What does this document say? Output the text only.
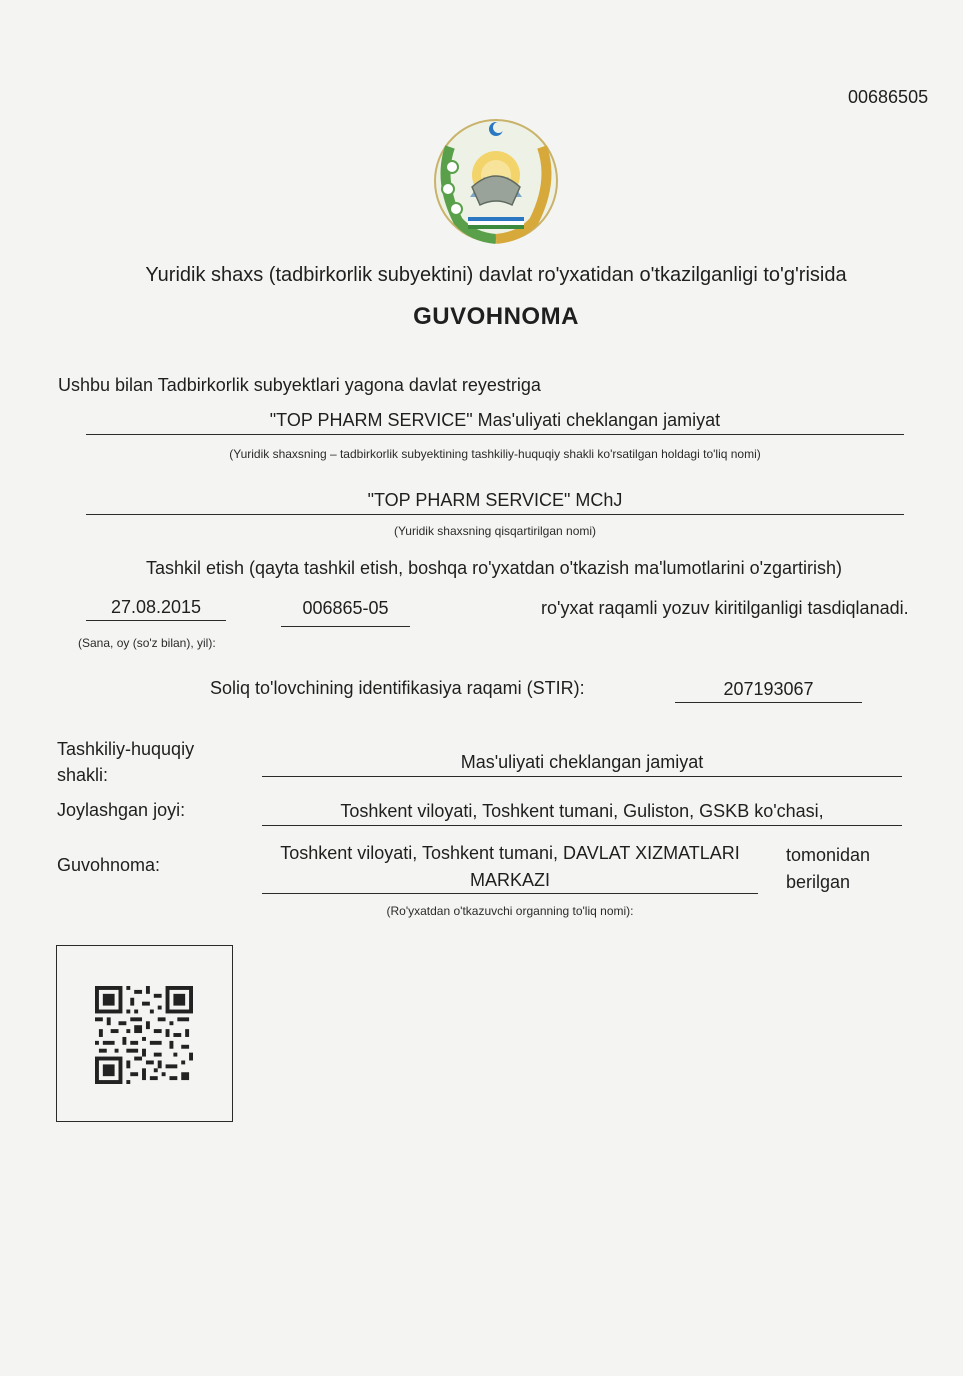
00686505
Yuridik shaxs (tadbirkorlik subyektini) davlat ro'yxatidan o'tkazilganligi to'g'risida
GUVOHNOMA
Ushbu bilan Tadbirkorlik subyektlari yagona davlat reyestriga
"TOP PHARM SERVICE" Mas'uliyati cheklangan jamiyat
(Yuridik shaxsning – tadbirkorlik subyektining tashkiliy-huquqiy shakli ko'rsatilgan holdagi to'liq nomi)
"TOP PHARM SERVICE" MChJ
(Yuridik shaxsning qisqartirilgan nomi)
Tashkil etish (qayta tashkil etish, boshqa ro'yxatdan o'tkazish ma'lumotlarini o'zgartirish)
27.08.2015	006865-05	ro'yxat raqamli yozuv kiritilganligi tasdiqlanadi.
(Sana, oy (so'z bilan), yil):
Soliq to'lovchining identifikasiya raqami (STIR):	207193067
Tashkiliy-huquqiy
shakli:
Mas'uliyati cheklangan jamiyat
Joylashgan joyi:	Toshkent viloyati, Toshkent tumani, Guliston, GSKB ko'chasi,
Guvohnoma:
Toshkent viloyati, Toshkent tumani, DAVLAT XIZMATLARI
MARKAZI
tomonidan
berilgan
(Ro'yxatdan o'tkazuvchi organning to'liq nomi):
